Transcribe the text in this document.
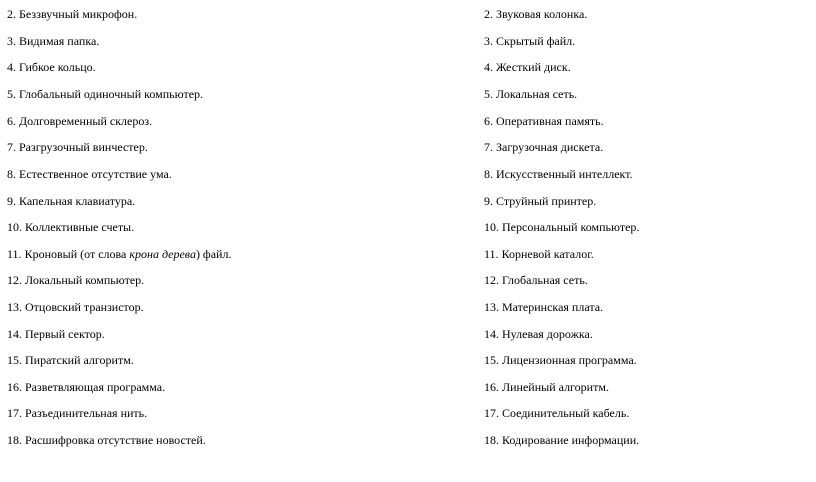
2. Беззвучный микрофон.
3. Видимая папка.
4. Гибкое кольцо.
5. Глобальный одиночный компьютер.
6. Долговременный склероз.
7. Разгрузочный винчестер.
8. Естественное отсутствие ума.
9. Капельная клавиатура.
10. Коллективные счеты.
11. Кроновый (от слова крона дерева) файл.
12. Локальный компьютер.
13. Отцовский транзистор.
14. Первый сектор.
15. Пиратский алгоритм.
16. Разветвляющая программа.
17. Разъединительная нить.
18. Расшифровка отсутствие новостей.
2. Звуковая колонка.
3. Скрытый файл.
4. Жесткий диск.
5. Локальная сеть.
6. Оперативная память.
7. Загрузочная дискета.
8. Искусственный интеллект.
9. Струйный принтер.
10. Персональный компьютер.
11. Корневой каталог.
12. Глобальная сеть.
13. Материнская плата.
14. Нулевая дорожка.
15. Лицензионная программа.
16. Линейный алгоритм.
17. Соединительный кабель.
18. Кодирование информации.
